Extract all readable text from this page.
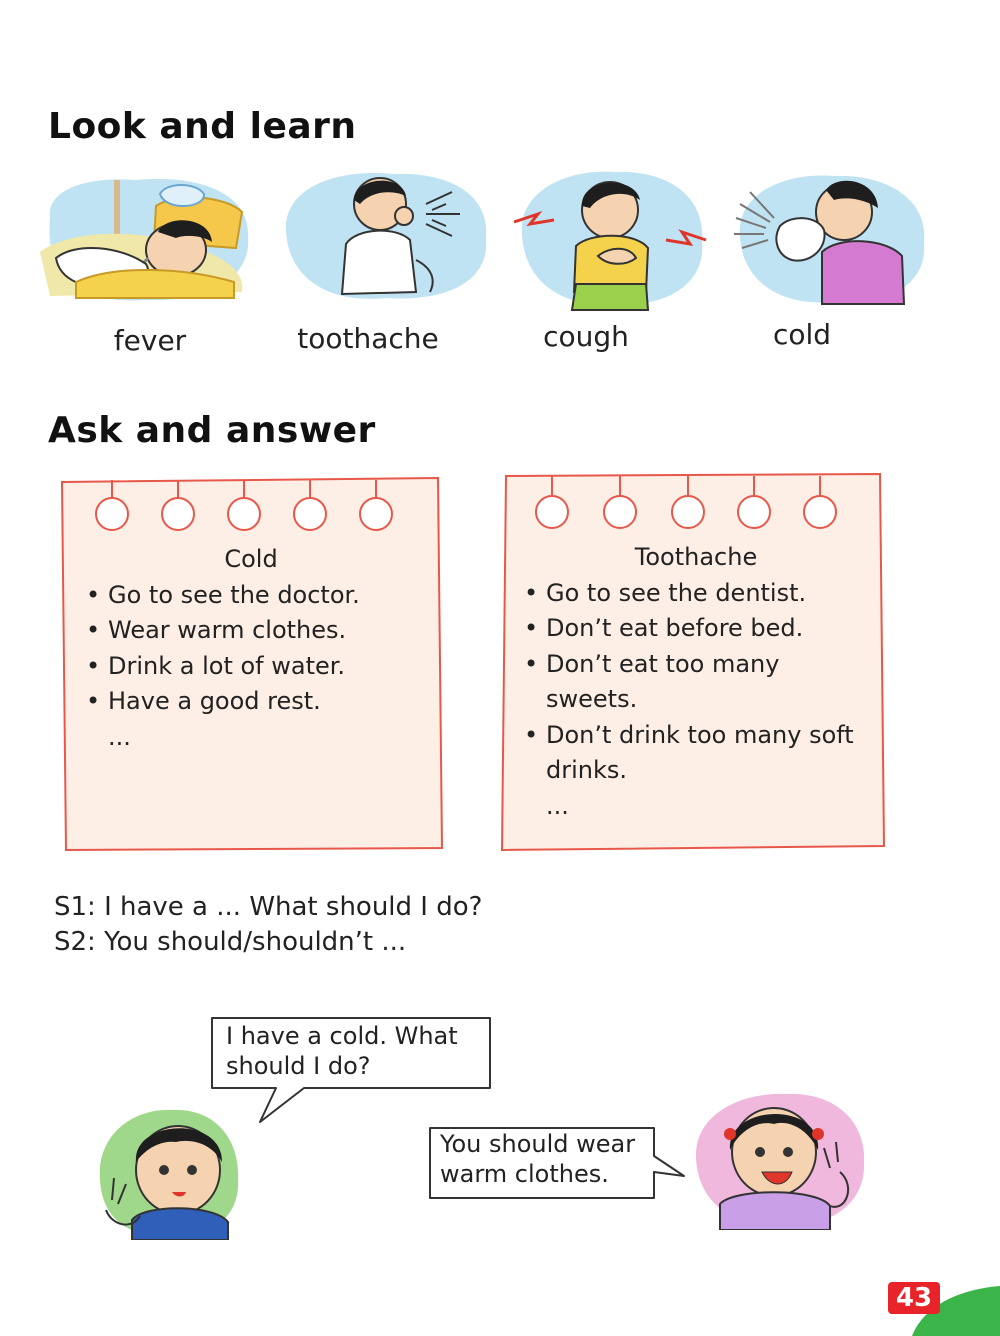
Look and learn
fever	toothache	cough	cold
Ask and answer
Cold
• Go to see the doctor.
• Wear warm clothes.
• Drink a lot of water.
• Have a good rest.
...
Toothache
• Go to see the dentist.
• Don’t eat before bed.
• Don’t eat too many sweets.
• Don’t drink too many soft drinks.
...
S1: I have a ... What should I do?
S2: You should/shouldn’t ...
I have a cold. What should I do?
You should wear warm clothes.
43
